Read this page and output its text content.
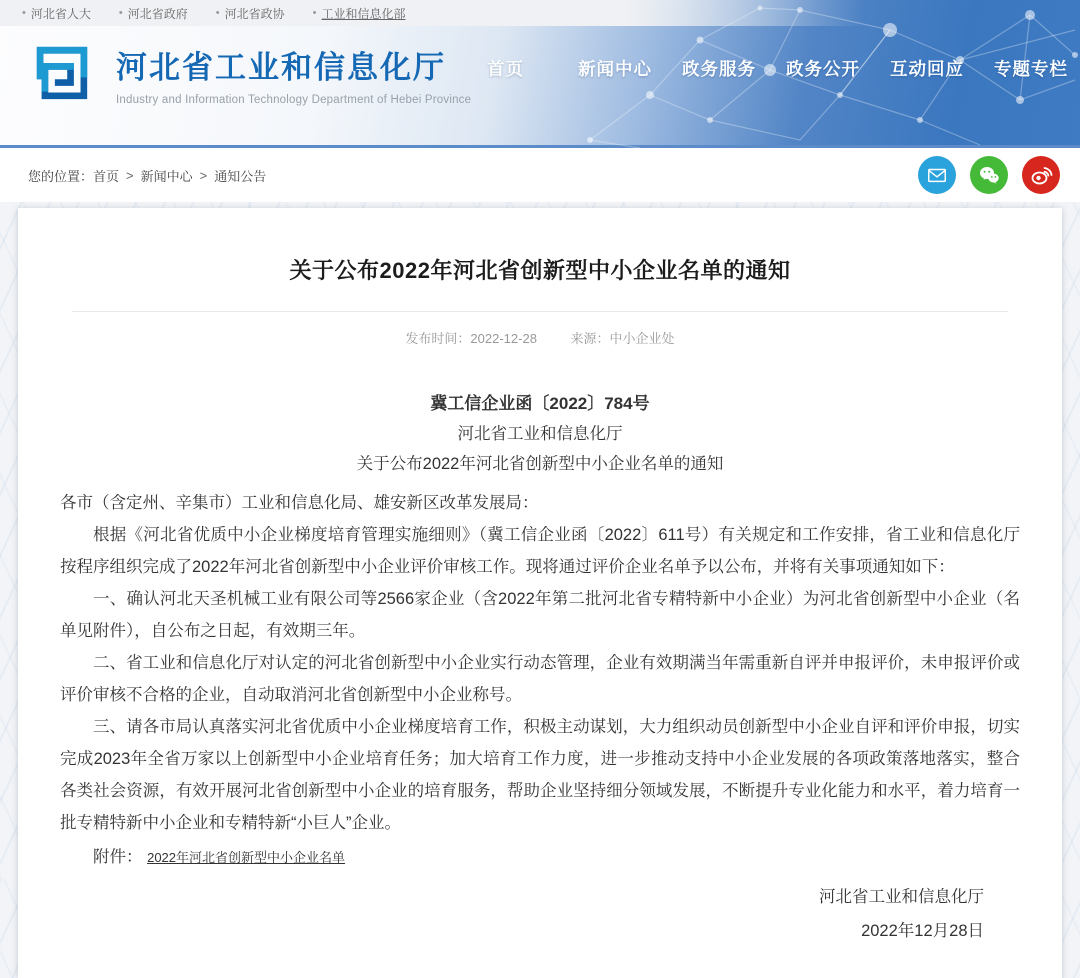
• 河北省人大	• 河北省政府	• 河北省政协	• 工业和信息化部
河北省工业和信息化厅
Industry and Information Technology Department of Hebei Province
首页	新闻中心 政务服务 政务公开 互动回应 专题专栏
您的位置： 首页 > 新闻中心 > 通知公告
关于公布2022年河北省创新型中小企业名单的通知
发布时间：2022-12-28	来源：中小企业处
冀工信企业函〔2022〕784号
河北省工业和信息化厅
关于公布2022年河北省创新型中小企业名单的通知

各市（含定州、辛集市）工业和信息化局、雄安新区改革发展局：

根据《河北省优质中小企业梯度培育管理实施细则》（冀工信企业函〔2022〕611号）有关规定和工作安排，省工业和信息化厅按程序组织完成了2022年河北省创新型中小企业评价审核工作。现将通过评价企业名单予以公布，并将有关事项通知如下：

一、确认河北天圣机械工业有限公司等2566家企业（含2022年第二批河北省专精特新中小企业）为河北省创新型中小企业（名单见附件），自公布之日起，有效期三年。

二、省工业和信息化厅对认定的河北省创新型中小企业实行动态管理，企业有效期满当年需重新自评并申报评价，未申报评价或评价审核不合格的企业，自动取消河北省创新型中小企业称号。

三、请各市局认真落实河北省优质中小企业梯度培育工作，积极主动谋划，大力组织动员创新型中小企业自评和评价申报，切实完成2023年全省万家以上创新型中小企业培育任务；加大培育工作力度，进一步推动支持中小企业发展的各项政策落地落实，整合各类社会资源，有效开展河北省创新型中小企业的培育服务，帮助企业坚持细分领域发展，不断提升专业化能力和水平，着力培育一批专精特新中小企业和专精特新“小巨人”企业。

附件： 2022年河北省创新型中小企业名单

河北省工业和信息化厅
2022年12月28日
